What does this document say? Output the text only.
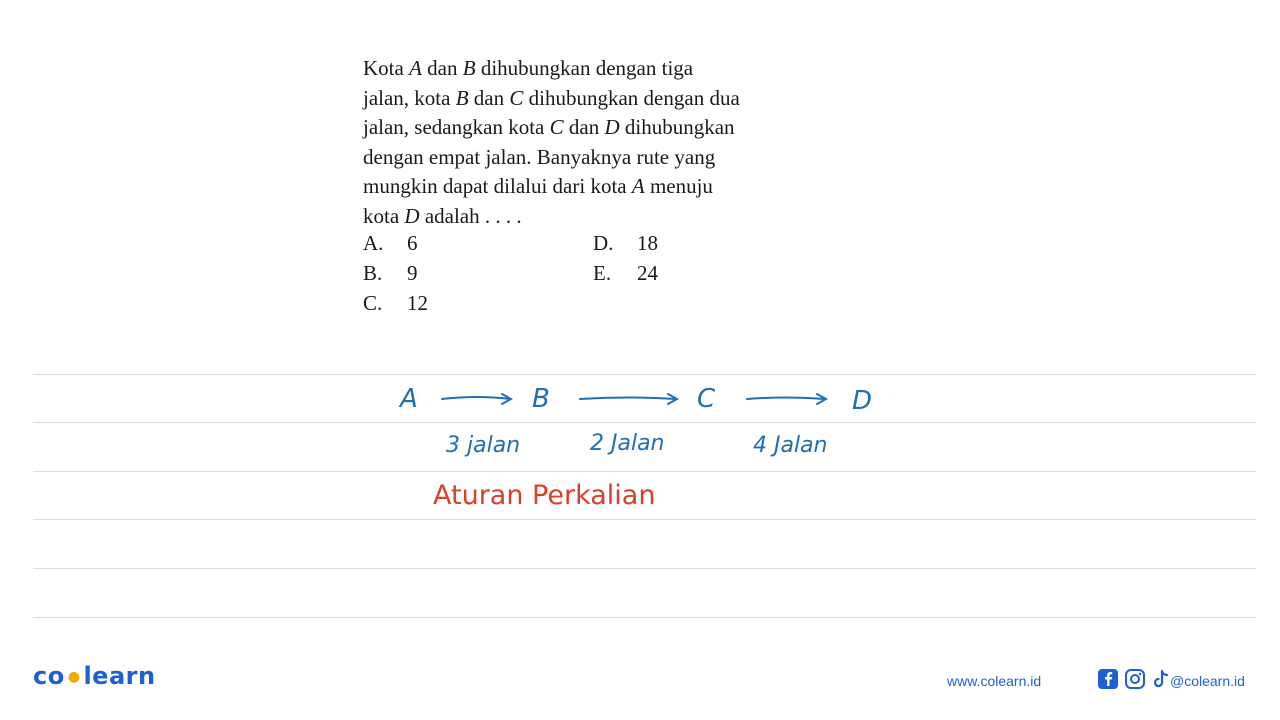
Kota A dan B dihubungkan dengan tiga

jalan, kota B dan C dihubungkan dengan dua

jalan, sedangkan kota C dan D dihubungkan

dengan empat jalan. Banyaknya rute yang

mungkin dapat dilalui dari kota A menuju

kota D adalah . . . .

A. 6
B. 9
C. 12
D. 18
E. 24
A	B	C	D
3 jalan	2 Jalan	4 Jalan
Aturan Perkalian
co ● learn	www.colearn.id	@colearn.id
